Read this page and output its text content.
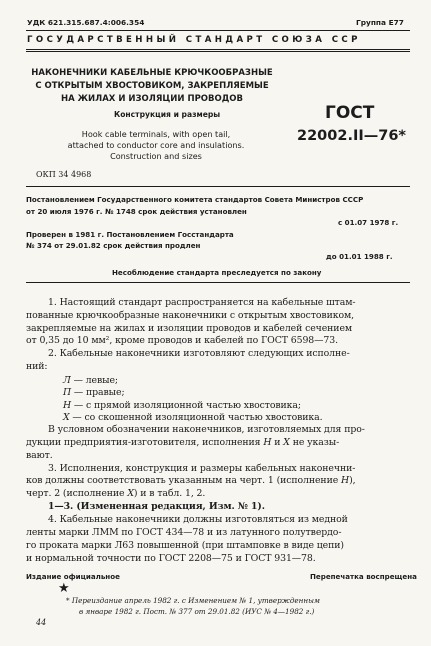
УДК 621.315.687.4:006.354	Группа Е77
ГОСУДАРСТВЕННЫЙ СТАНДАРТ СОЮЗА ССР
НАКОНЕЧНИКИ КАБЕЛЬНЫЕ КРЮЧКООБРАЗНЫЕ
С ОТКРЫТЫМ ХВОСТОВИКОМ, ЗАКРЕПЛЯЕМЫЕ
НА ЖИЛАХ И ИЗОЛЯЦИИ ПРОВОДОВ
Конструкция и размеры
Hook cable terminals, with open tail,
attached to conductor core and insulations.
Construction and sizes
ГОСТ
22002.II—76*
ОКП 34 4968
Постановлением Государственного комитета стандартов Совета Министров СССР
от 20 июля 1976 г. № 1748 срок действия установлен
с 01.07 1978 г.
Проверен в 1981 г. Постановлением Госстандарта
№ 374 от 29.01.82 срок действия продлен
до 01.01 1988 г.
Несоблюдение стандарта преследуется по закону
1. Настоящий стандарт распространяется на кабельные штам-
пованные крючкообразные наконечники с открытым хвостовиком,
закрепляемые на жилах и изоляции проводов и кабелей сечением
от 0,35 до 10 мм², кроме проводов и кабелей по ГОСТ 6598—73.
2. Кабельные наконечники изготовляют следующих исполне-
ний:
Л — левые;
П — правые;
Н — с прямой изоляционной частью хвостовика;
Х — со скошенной изоляционной частью хвостовика.
В условном обозначении наконечников, изготовляемых для про-
дукции предприятия-изготовителя, исполнения Н и Х не указы-
вают.
3. Исполнения, конструкция и размеры кабельных наконечни-
ков должны соответствовать указанным на черт. 1 (исполнение Н),
черт. 2 (исполнение Х) и в табл. 1, 2.
1—3. (Измененная редакция, Изм. № 1).
4. Кабельные наконечники должны изготовляться из медной
ленты марки ЛММ по ГОСТ 434—78 и из латунного полутвердо-
го проката марки Л63 повышенной (при штамповке в виде цепи)
и нормальной точности по ГОСТ 2208—75 и ГОСТ 931—78.
Издание официальное	Перепечатка воспрещена
★
* Переиздание апрель 1982 г. с Изменением № 1, утвержденным
в январе 1982 г. Пост. № 377 от 29.01.82 (ИУС № 4—1982 г.)
44
